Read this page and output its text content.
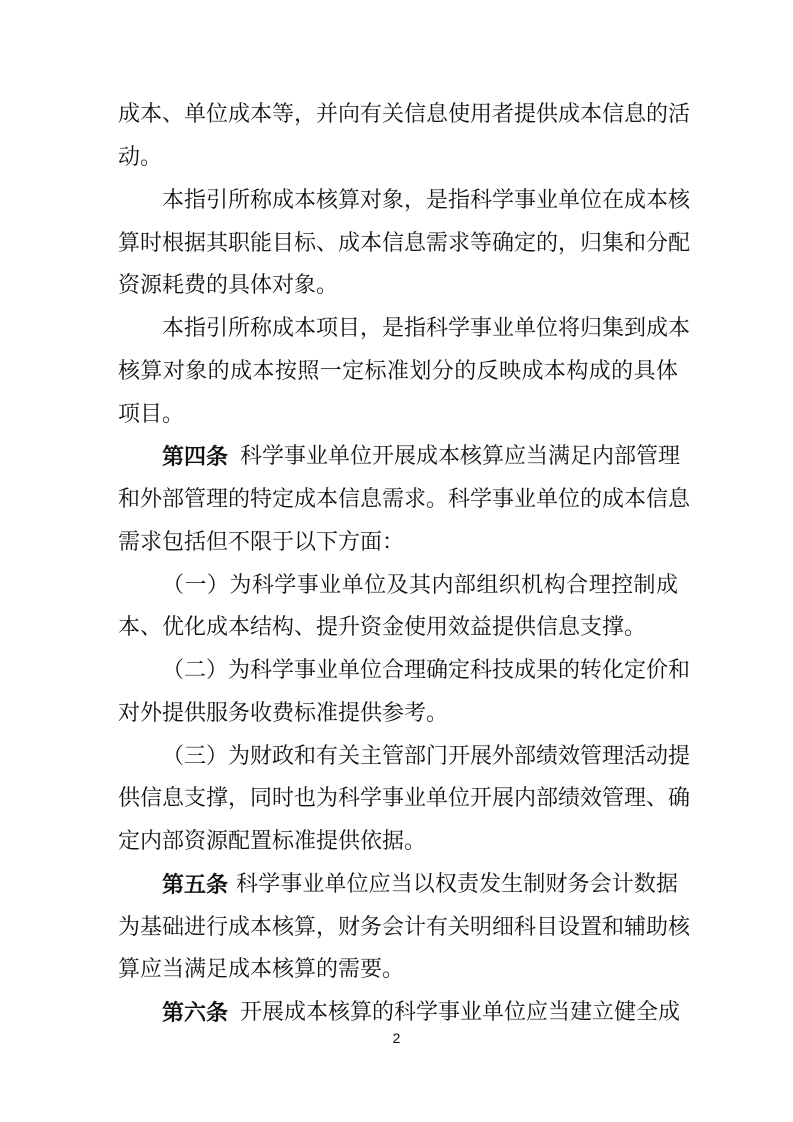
成本、单位成本等，并向有关信息使用者提供成本信息的活
动。
本指引所称成本核算对象，是指科学事业单位在成本核
算时根据其职能目标、成本信息需求等确定的，归集和分配
资源耗费的具体对象。
本指引所称成本项目，是指科学事业单位将归集到成本
核算对象的成本按照一定标准划分的反映成本构成的具体
项目。
第四条 科学事业单位开展成本核算应当满足内部管理
和外部管理的特定成本信息需求。科学事业单位的成本信息
需求包括但不限于以下方面：
（一）为科学事业单位及其内部组织机构合理控制成
本、优化成本结构、提升资金使用效益提供信息支撑。
（二）为科学事业单位合理确定科技成果的转化定价和
对外提供服务收费标准提供参考。
（三）为财政和有关主管部门开展外部绩效管理活动提
供信息支撑，同时也为科学事业单位开展内部绩效管理、确
定内部资源配置标准提供依据。
第五条 科学事业单位应当以权责发生制财务会计数据
为基础进行成本核算，财务会计有关明细科目设置和辅助核
算应当满足成本核算的需要。
第六条 开展成本核算的科学事业单位应当建立健全成
2
